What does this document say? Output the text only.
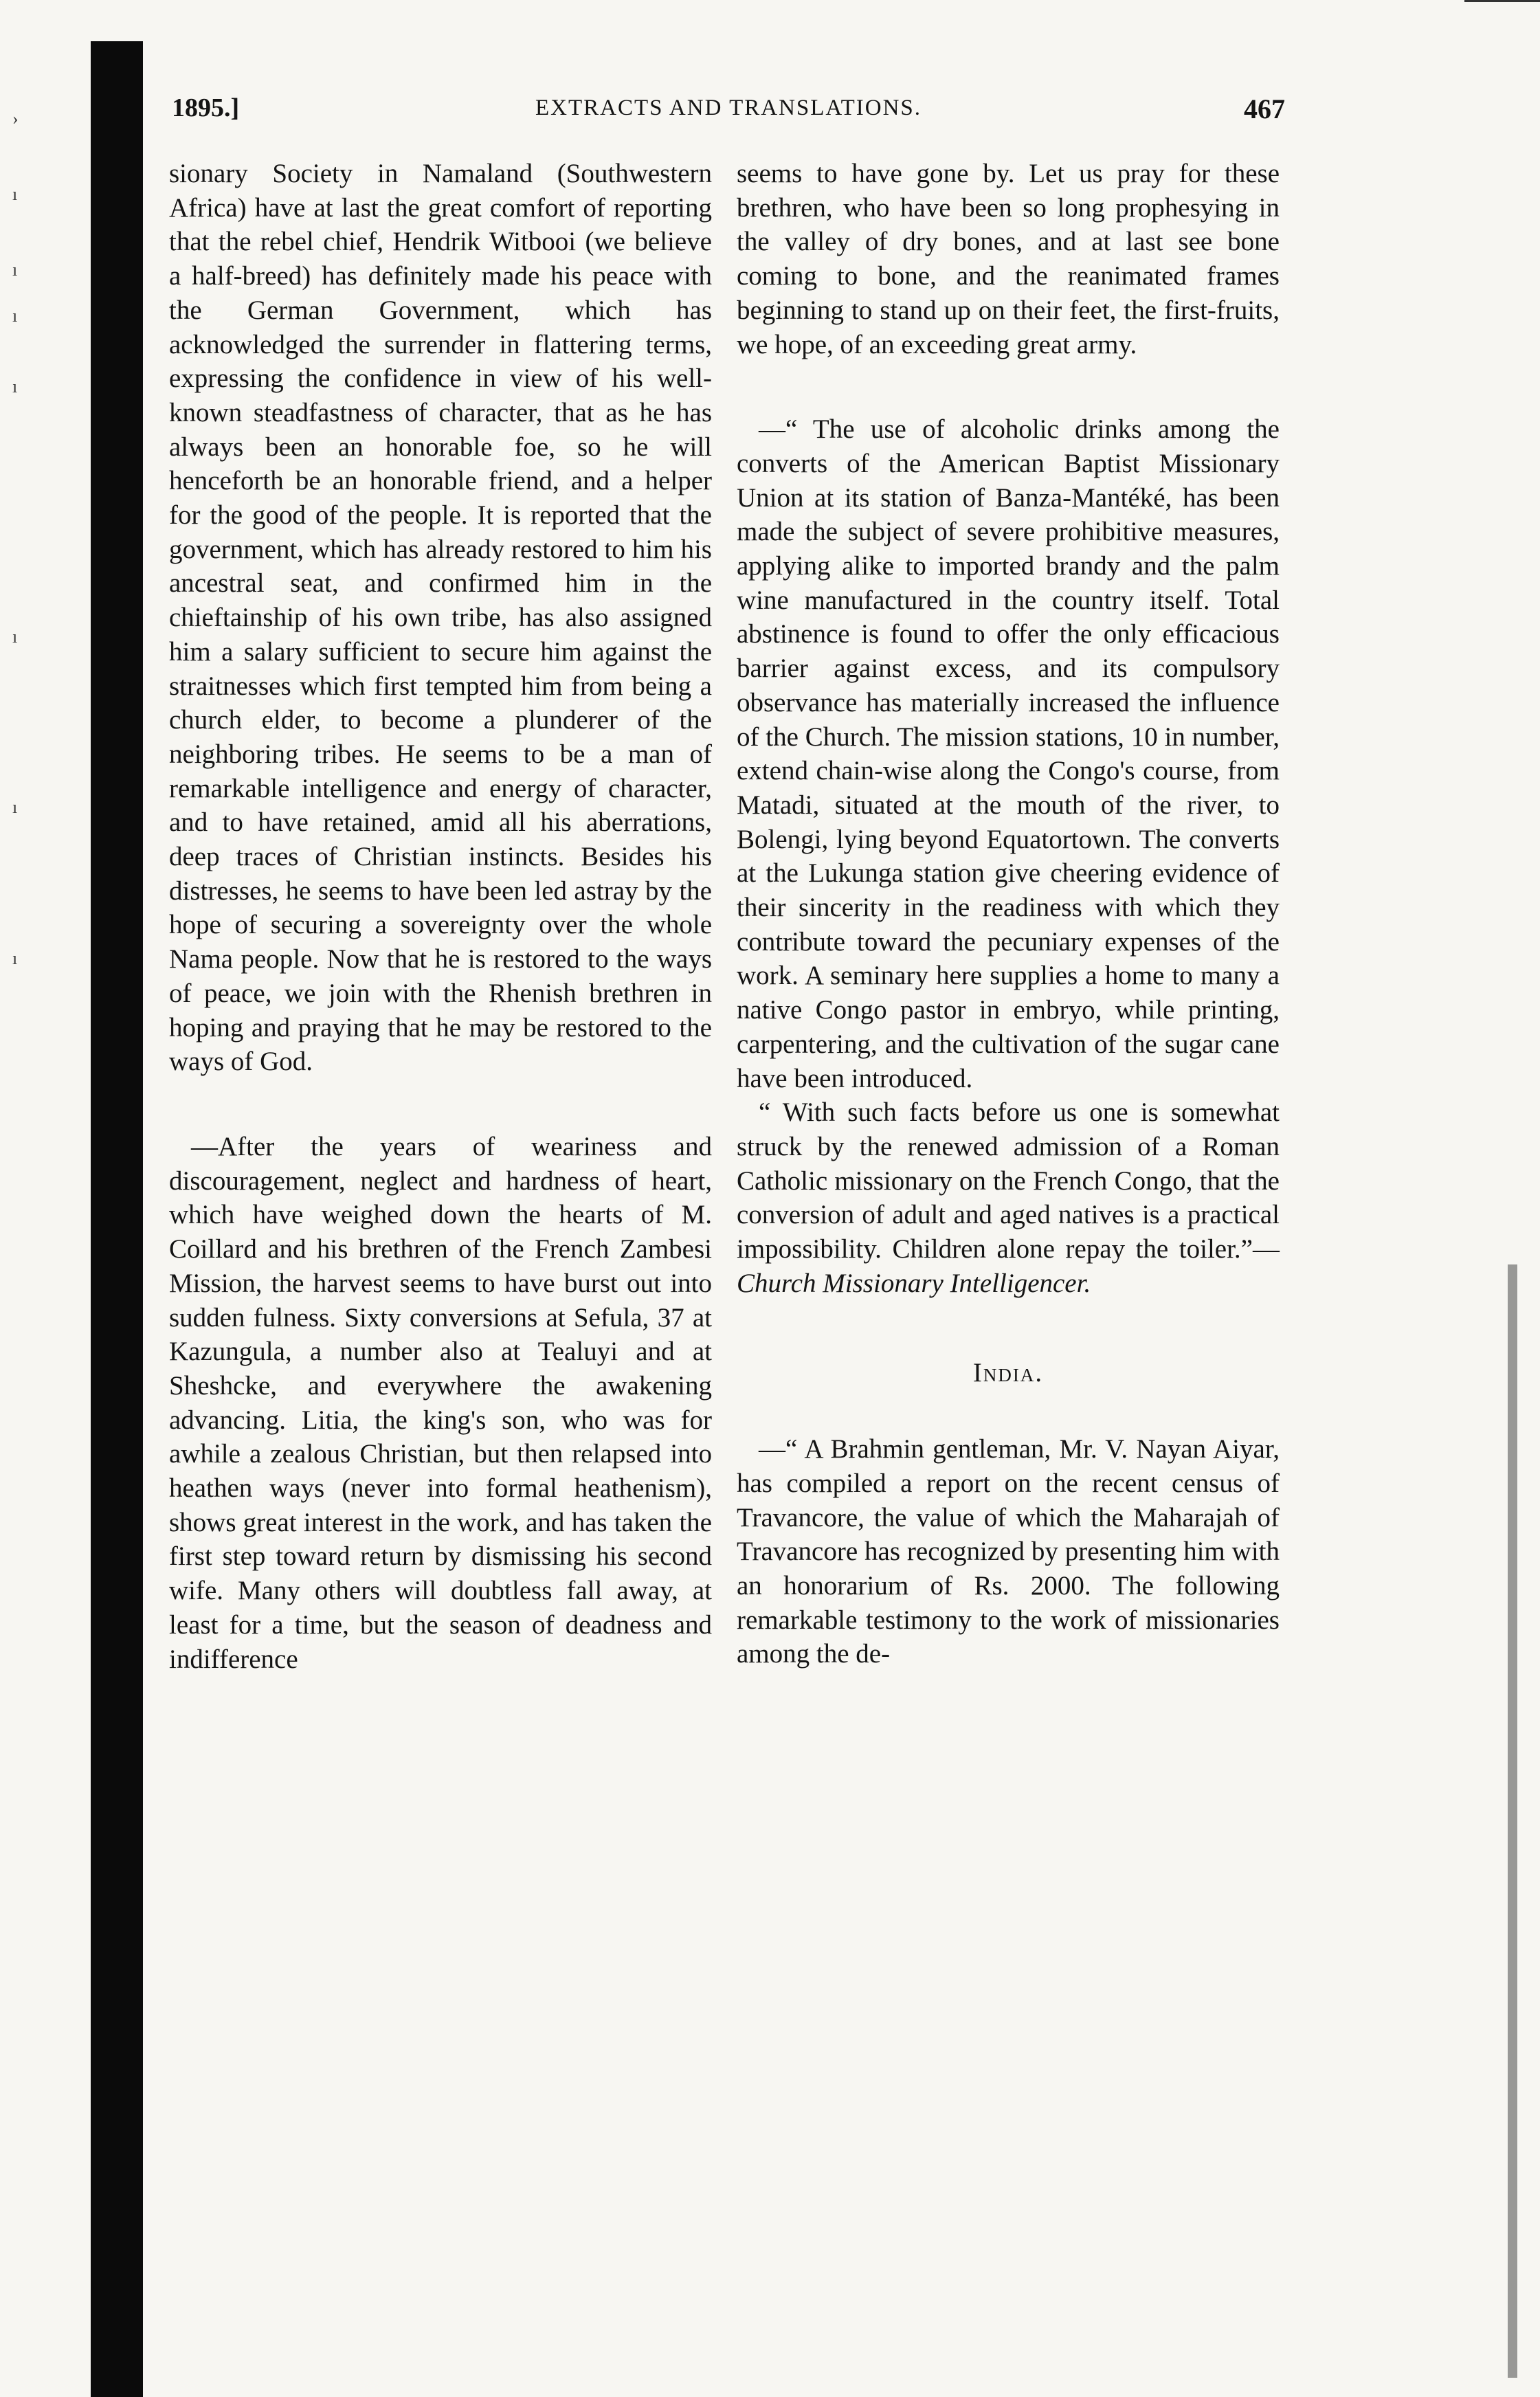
›
ı
ı
ı
ı
ı
ı
ı
1895.]	EXTRACTS AND TRANSLATIONS.	467

sionary Society in Namaland (Southwestern Africa) have at last the great comfort of reporting that the rebel chief, Hendrik Witbooi (we believe a half-breed) has definitely made his peace with the German Government, which has acknowledged the surrender in flattering terms, expressing the confidence in view of his well-known steadfastness of character, that as he has always been an honorable foe, so he will henceforth be an honorable friend, and a helper for the good of the people. It is reported that the government, which has already restored to him his ancestral seat, and confirmed him in the chieftainship of his own tribe, has also assigned him a salary sufficient to secure him against the straitnesses which first tempted him from being a church elder, to become a plunderer of the neighboring tribes. He seems to be a man of remarkable intelligence and energy of character, and to have retained, amid all his aberrations, deep traces of Christian instincts. Besides his distresses, he seems to have been led astray by the hope of securing a sovereignty over the whole Nama people. Now that he is restored to the ways of peace, we join with the Rhenish brethren in hoping and praying that he may be restored to the ways of God.

—After the years of weariness and discouragement, neglect and hardness of heart, which have weighed down the hearts of M. Coillard and his brethren of the French Zambesi Mission, the harvest seems to have burst out into sudden fulness. Sixty conversions at Sefula, 37 at Kazungula, a number also at Tealuyi and at Sheshcke, and everywhere the awakening advancing. Litia, the king's son, who was for awhile a zealous Christian, but then relapsed into heathen ways (never into formal heathenism), shows great interest in the work, and has taken the first step toward return by dismissing his second wife. Many others will doubtless fall away, at least for a time, but the season of deadness and indifference

seems to have gone by. Let us pray for these brethren, who have been so long prophesying in the valley of dry bones, and at last see bone coming to bone, and the reanimated frames beginning to stand up on their feet, the first-fruits, we hope, of an exceeding great army.

—“ The use of alcoholic drinks among the converts of the American Baptist Missionary Union at its station of Banza-Mantéké, has been made the subject of severe prohibitive measures, applying alike to imported brandy and the palm wine manufactured in the country itself. Total abstinence is found to offer the only efficacious barrier against excess, and its compulsory observance has materially increased the influence of the Church. The mission stations, 10 in number, extend chain-wise along the Congo's course, from Matadi, situated at the mouth of the river, to Bolengi, lying beyond Equatortown. The converts at the Lukunga station give cheering evidence of their sincerity in the readiness with which they contribute toward the pecuniary expenses of the work. A seminary here supplies a home to many a native Congo pastor in embryo, while printing, carpentering, and the cultivation of the sugar cane have been introduced.

“ With such facts before us one is somewhat struck by the renewed admission of a Roman Catholic missionary on the French Congo, that the conversion of adult and aged natives is a practical impossibility. Children alone repay the toiler.”—Church Missionary Intelligencer.

India.

—“ A Brahmin gentleman, Mr. V. Nayan Aiyar, has compiled a report on the recent census of Travancore, the value of which the Maharajah of Travancore has recognized by presenting him with an honorarium of Rs. 2000. The following remarkable testimony to the work of missionaries among the de-
